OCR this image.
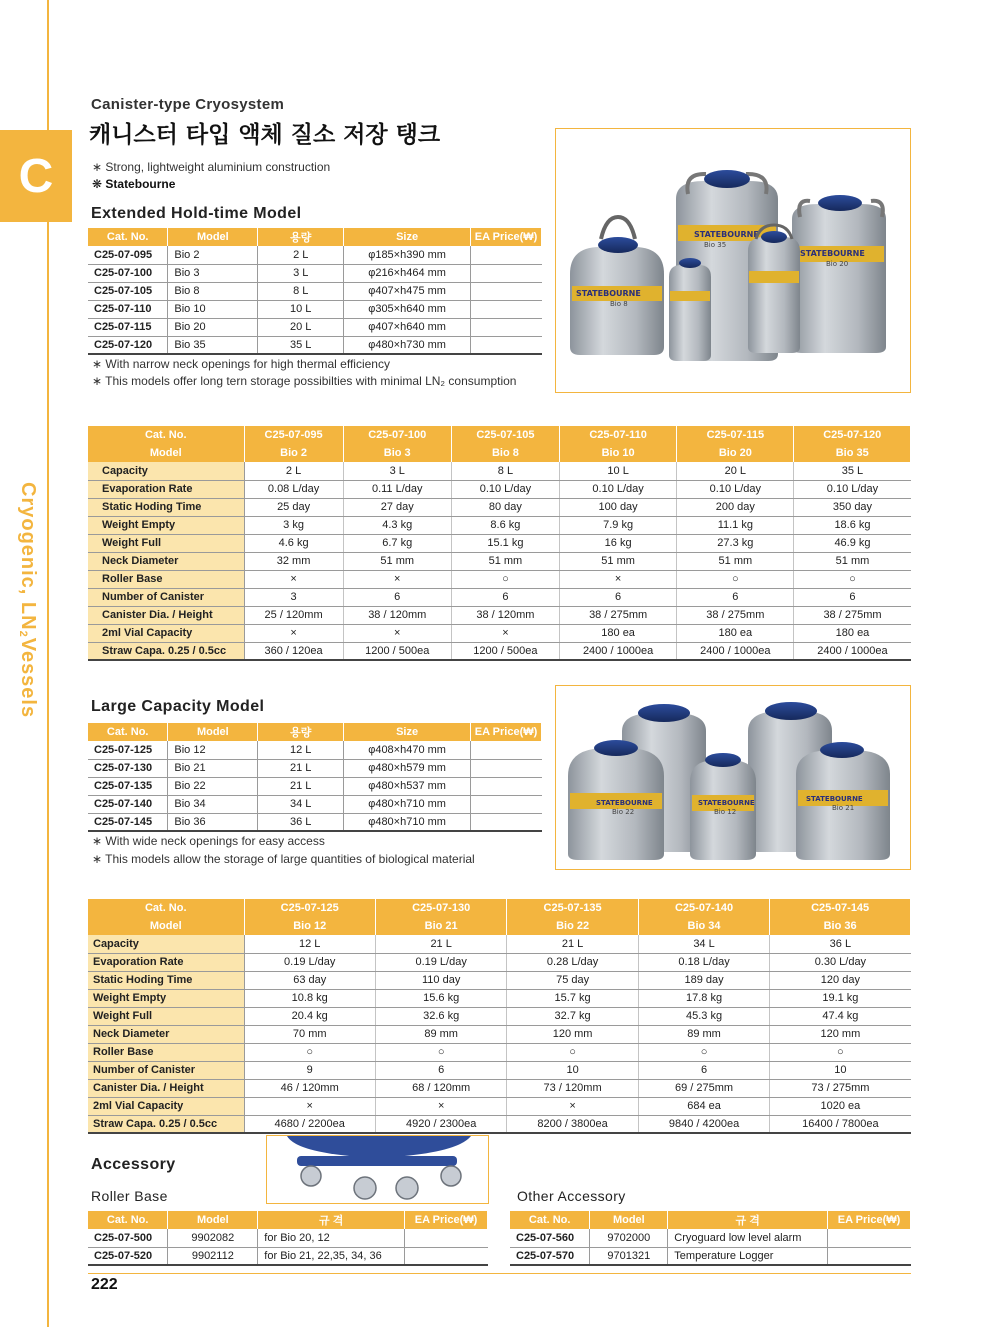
C
Cryogenic, LN2Vessels
Canister-type Cryosystem
캐니스터 타입 액체 질소 저장 탱크
∗ Strong, lightweight aluminium construction
❋ Statebourne
Extended Hold-time Model
Cat. No.	Model	용량	Size	EA Price(₩)
C25-07-095	Bio 2	2 L	φ185×h390 mm	
C25-07-100	Bio 3	3 L	φ216×h464 mm	
C25-07-105	Bio 8	8 L	φ407×h475 mm	
C25-07-110	Bio 10	10 L	φ305×h640 mm	
C25-07-115	Bio 20	20 L	φ407×h640 mm	
C25-07-120	Bio 35	35 L	φ480×h730 mm	
∗ With narrow neck openings for high thermal efficiency
∗ This models offer long tern storage possibilties with minimal LN₂ consumption
STATEBOURNE
Bio 35
STATEBOURNE
Bio 20
STATEBOURNE
Bio 8
Cat. No.	C25-07-095	C25-07-100	C25-07-105	C25-07-110	C25-07-115	C25-07-120
Model	Bio 2	Bio 3	Bio 8	Bio 10	Bio 20	Bio 35
Capacity	2 L	3 L	8 L	10 L	20 L	35 L
Evaporation Rate	0.08 L/day	0.11 L/day	0.10 L/day	0.10 L/day	0.10 L/day	0.10 L/day
Static Hoding Time	25 day	27 day	80 day	100 day	200 day	350 day
Weight Empty	3 kg	4.3 kg	8.6 kg	7.9 kg	11.1 kg	18.6 kg
Weight Full	4.6 kg	6.7 kg	15.1 kg	16 kg	27.3 kg	46.9 kg
Neck Diameter	32 mm	51 mm	51 mm	51 mm	51 mm	51 mm
Roller Base	×	×	○	×	○	○
Number of Canister	3	6	6	6	6	6
Canister Dia. / Height	25 / 120mm	38 / 120mm	38 / 120mm	38 / 275mm	38 / 275mm	38 / 275mm
2ml Vial Capacity	×	×	×	180 ea	180 ea	180 ea
Straw Capa. 0.25 / 0.5cc	360 / 120ea	1200 / 500ea	1200 / 500ea	2400 / 1000ea	2400 / 1000ea	2400 / 1000ea
Large Capacity Model
Cat. No.	Model	용량	Size	EA Price(₩)
C25-07-125	Bio 12	12 L	φ408×h470 mm	
C25-07-130	Bio 21	21 L	φ480×h579 mm	
C25-07-135	Bio 22	21 L	φ480×h537 mm	
C25-07-140	Bio 34	34 L	φ480×h710 mm	
C25-07-145	Bio 36	36 L	φ480×h710 mm	
∗ With wide neck openings for easy access
∗ This models allow the storage of large quantities of biological material
STATEBOURNE
Bio 22
STATEBOURNE
Bio 12
STATEBOURNE
Bio 21
Cat. No.	C25-07-125	C25-07-130	C25-07-135	C25-07-140	C25-07-145
Model	Bio 12	Bio 21	Bio 22	Bio 34	Bio 36
Capacity	12 L	21 L	21 L	34 L	36 L
Evaporation Rate	0.19 L/day	0.19 L/day	0.28 L/day	0.18 L/day	0.30 L/day
Static Hoding Time	63 day	110 day	75 day	189 day	120 day
Weight Empty	10.8 kg	15.6 kg	15.7 kg	17.8 kg	19.1 kg
Weight Full	20.4 kg	32.6 kg	32.7 kg	45.3 kg	47.4 kg
Neck Diameter	70 mm	89 mm	120 mm	89 mm	120 mm
Roller Base	○	○	○	○	○
Number of Canister	9	6	10	6	10
Canister Dia. / Height	46 / 120mm	68 / 120mm	73 / 120mm	69 / 275mm	73 / 275mm
2ml Vial Capacity	×	×	×	684 ea	1020 ea
Straw Capa. 0.25 / 0.5cc	4680 / 2200ea	4920 / 2300ea	8200 / 3800ea	9840 / 4200ea	16400 / 7800ea
Accessory
Roller Base	Other Accessory
Cat. No.	Model	규 격	EA Price(₩)
C25-07-500	9902082	for Bio 20, 12	
C25-07-520	9902112	for Bio 21, 22,35, 34, 36	
Cat. No.	Model	규 격	EA Price(₩)
C25-07-560	9702000	Cryoguard low level alarm	
C25-07-570	9701321	Temperature Logger	
222
